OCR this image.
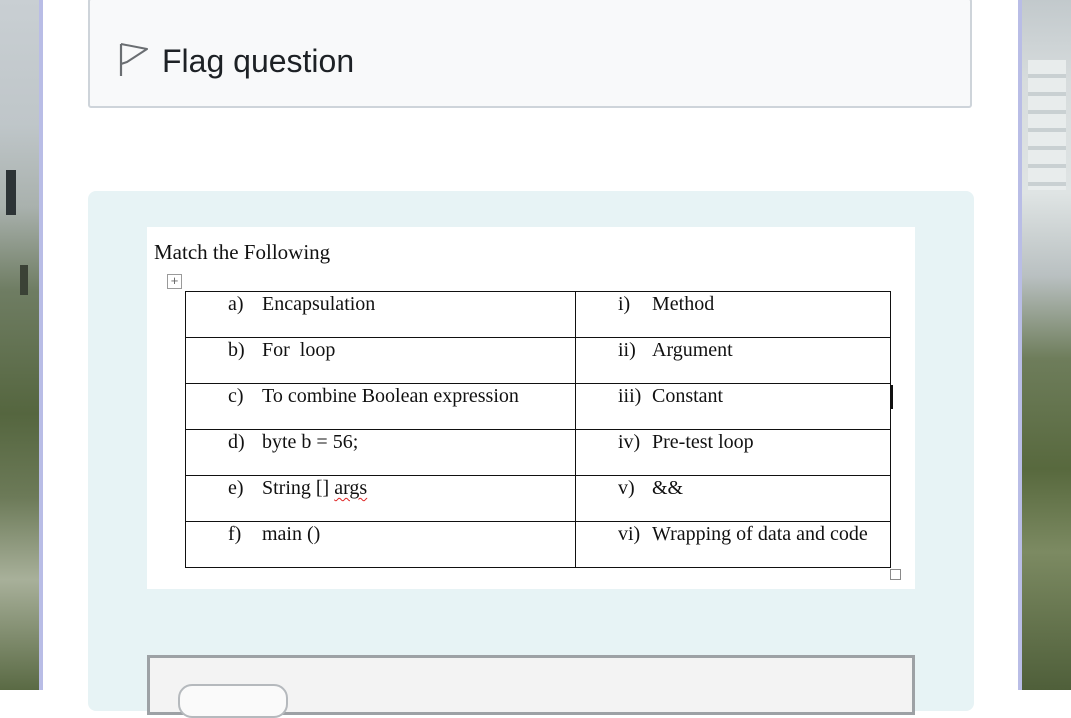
Flag question
Match the Following
+
a) Encapsulation	i) Method

b) For  loop	ii) Argument

c) To combine Boolean expression	iii) Constant

d) byte b = 56;	iv) Pre-test loop

e) String [] args	v) &&

f) main ()	vi) Wrapping of data and code
